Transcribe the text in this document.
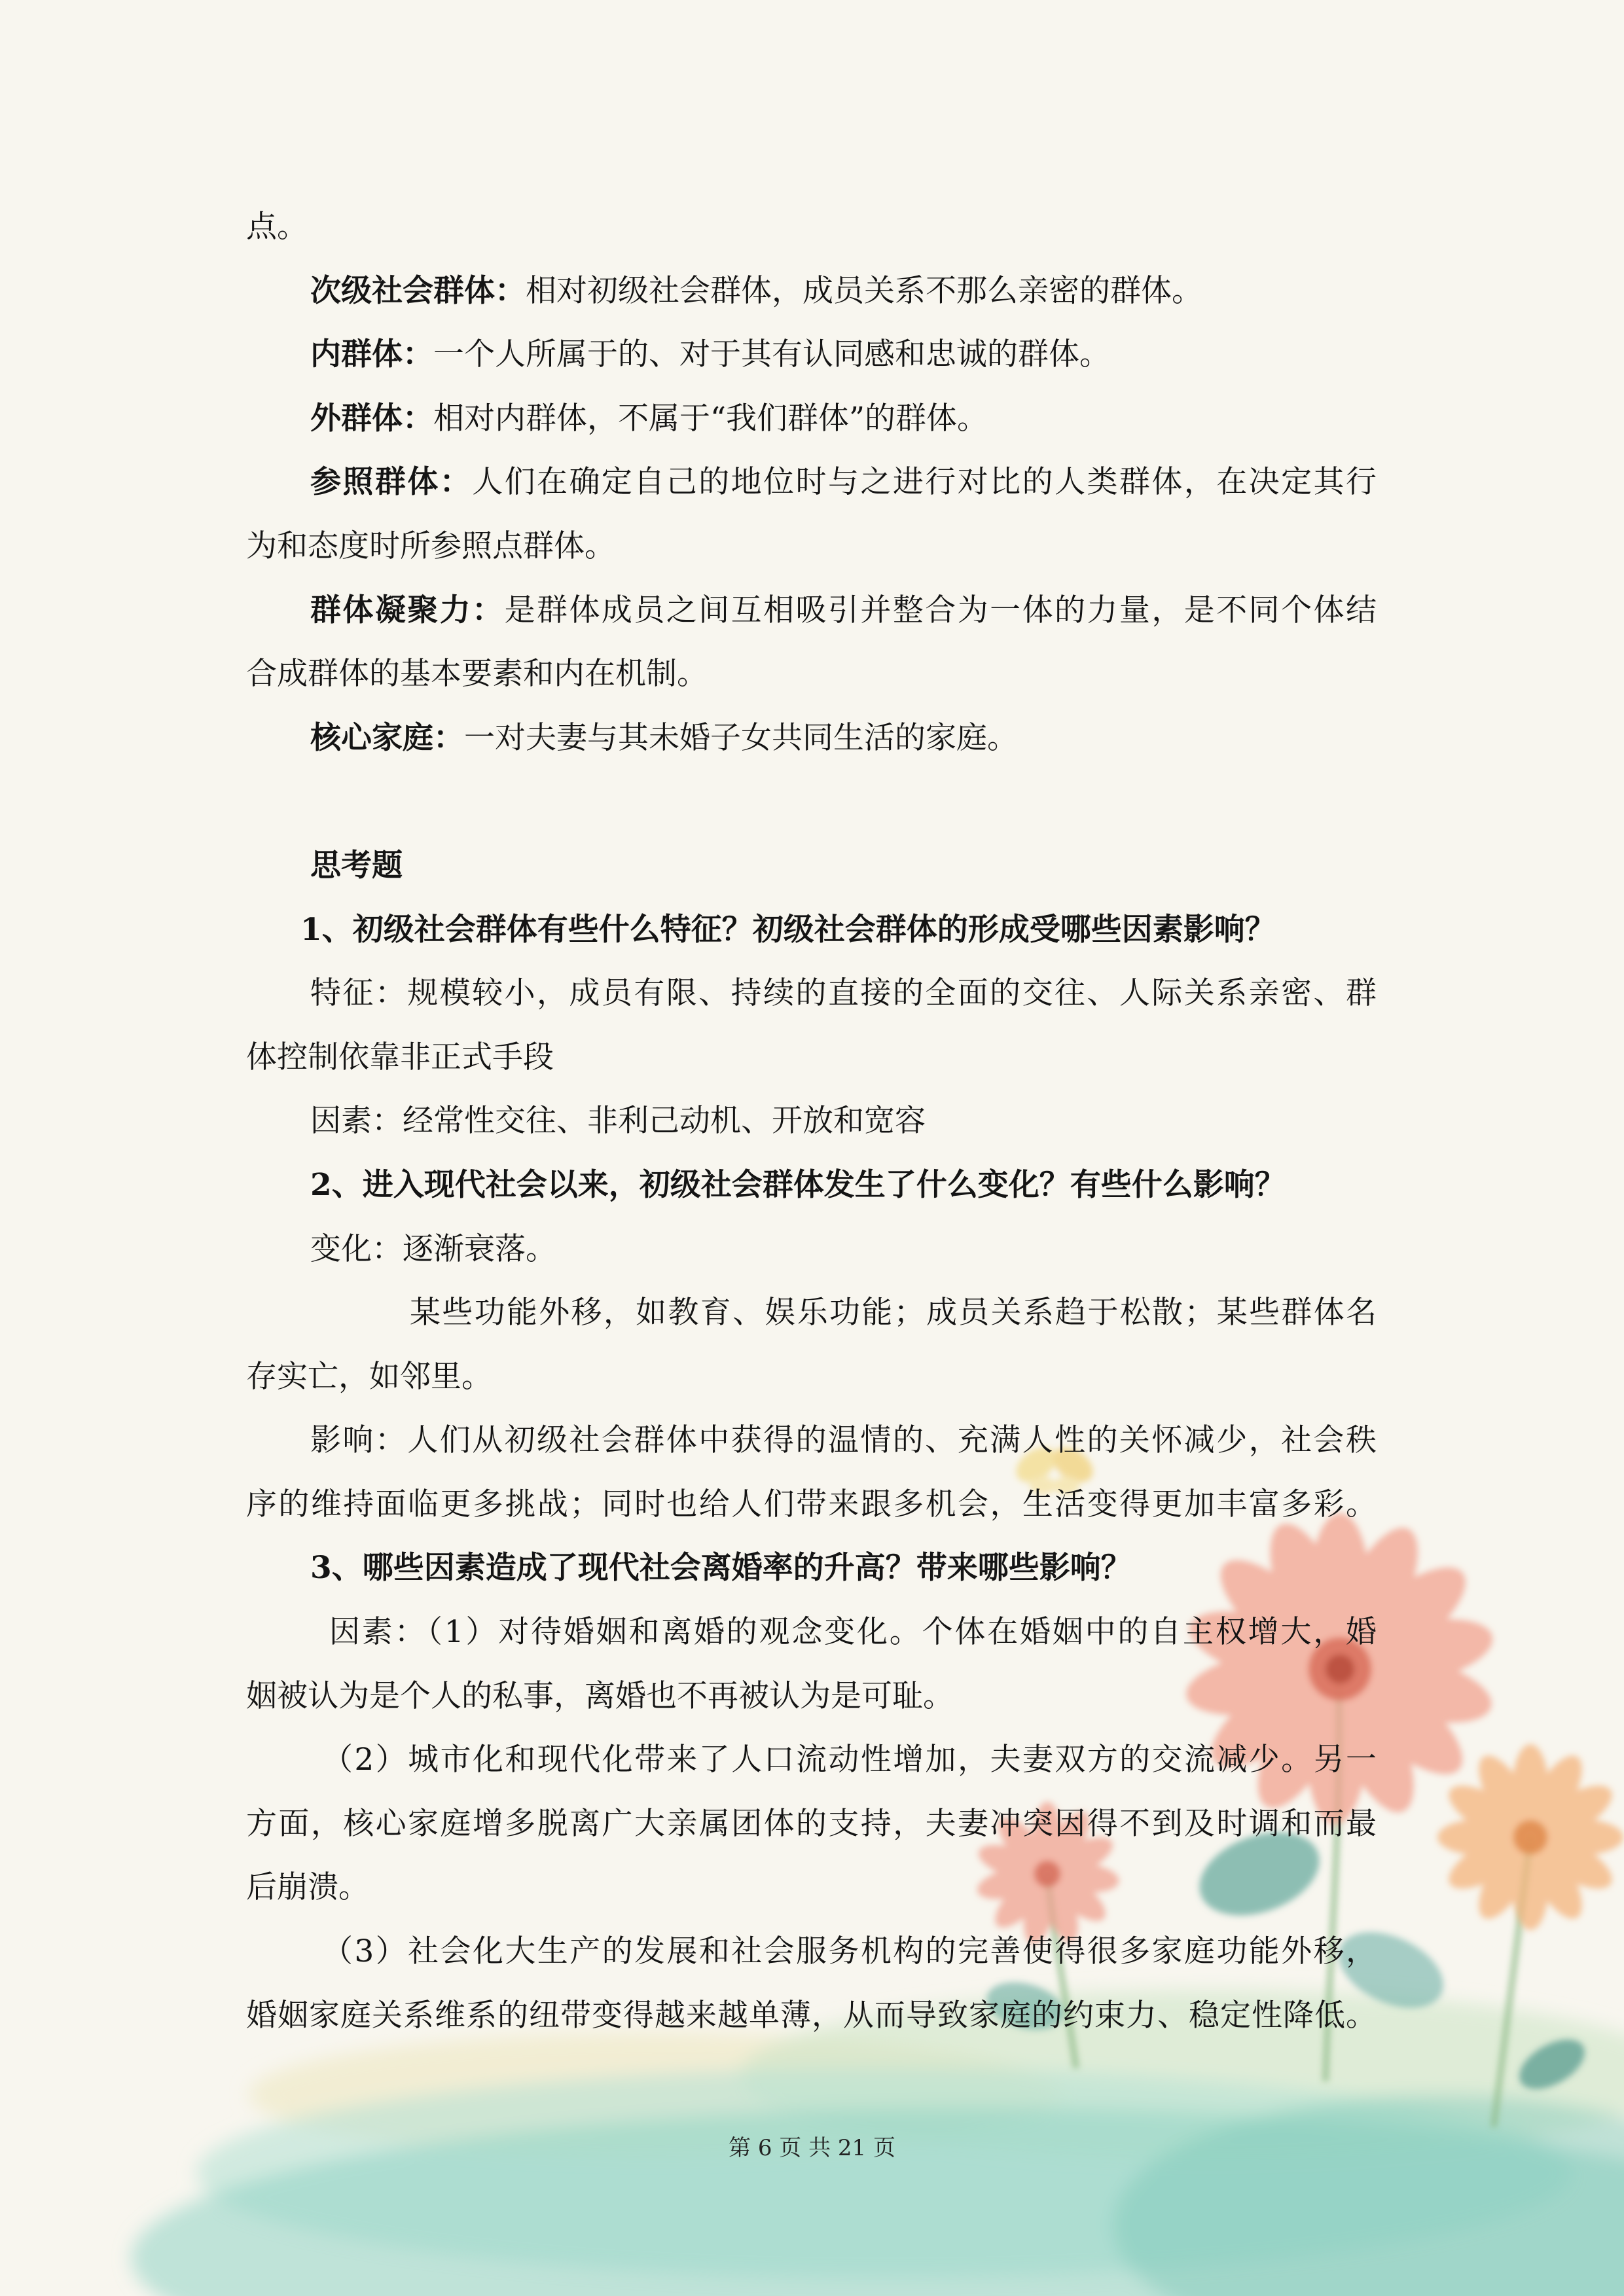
点。
次级社会群体：相对初级社会群体，成员关系不那么亲密的群体。
内群体：一个人所属于的、对于其有认同感和忠诚的群体。
外群体：相对内群体，不属于“我们群体”的群体。
参照群体：人们在确定自己的地位时与之进行对比的人类群体，在决定其行
为和态度时所参照点群体。
群体凝聚力：是群体成员之间互相吸引并整合为一体的力量，是不同个体结
合成群体的基本要素和内在机制。
核心家庭：一对夫妻与其未婚子女共同生活的家庭。
思考题
1、初级社会群体有些什么特征？初级社会群体的形成受哪些因素影响？
特征：规模较小，成员有限、持续的直接的全面的交往、人际关系亲密、群
体控制依靠非正式手段
因素：经常性交往、非利己动机、开放和宽容
2、进入现代社会以来，初级社会群体发生了什么变化？有些什么影响？
变化：逐渐衰落。
某些功能外移，如教育、娱乐功能；成员关系趋于松散；某些群体名
存实亡，如邻里。
影响：人们从初级社会群体中获得的温情的、充满人性的关怀减少，社会秩
序的维持面临更多挑战；同时也给人们带来跟多机会，生活变得更加丰富多彩。
3、哪些因素造成了现代社会离婚率的升高？带来哪些影响？
因素：（1）对待婚姻和离婚的观念变化。个体在婚姻中的自主权增大，婚
姻被认为是个人的私事，离婚也不再被认为是可耻。
（2）城市化和现代化带来了人口流动性增加，夫妻双方的交流减少。另一
方面，核心家庭增多脱离广大亲属团体的支持，夫妻冲突因得不到及时调和而最
后崩溃。
（3）社会化大生产的发展和社会服务机构的完善使得很多家庭功能外移，
婚姻家庭关系维系的纽带变得越来越单薄，从而导致家庭的约束力、稳定性降低。
第 6 页 共 21 页
